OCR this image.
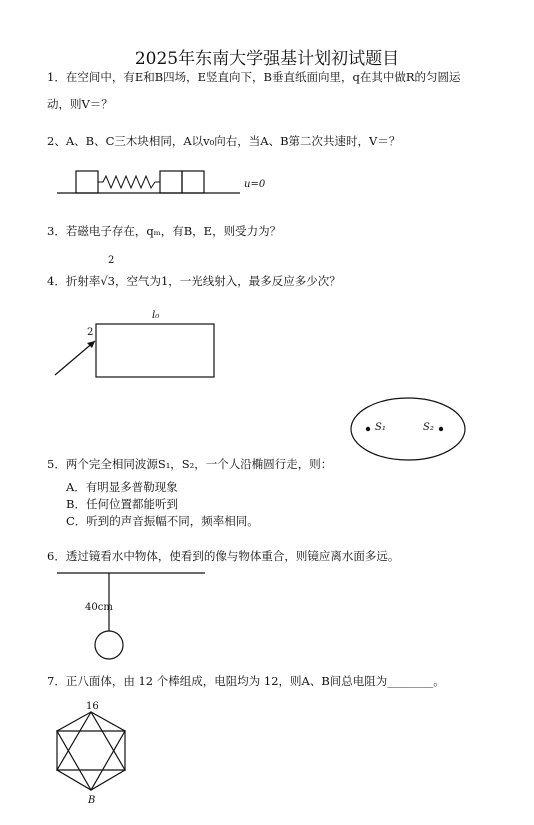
2025年东南大学强基计划初试题目
1．在空间中，有E和B四场，E竖直向下，B垂直纸面向里，q在其中做R的匀圆运
动，则V＝？
2、A、B、C三木块相同，A以v₀向右，当A、B第二次共速时，V＝？
u=0
3．若磁电子存在，qₘ，有B，E，则受力为？
2
4．折射率√3，空气为1，一光线射入，最多反应多少次？
l₀
2
S₁	S₂
5．两个完全相同波源S₁，S₂，一个人沿椭圆行走，则：
A．有明显多普勒现象
B．任何位置都能听到
C．听到的声音振幅不同，频率相同。
6．透过镜看水中物体，使看到的像与物体重合，则镜应离水面多远。
40cm
7．正八面体，由 12 个棒组成，电阻均为 12，则A、B间总电阻为________。
16
B
